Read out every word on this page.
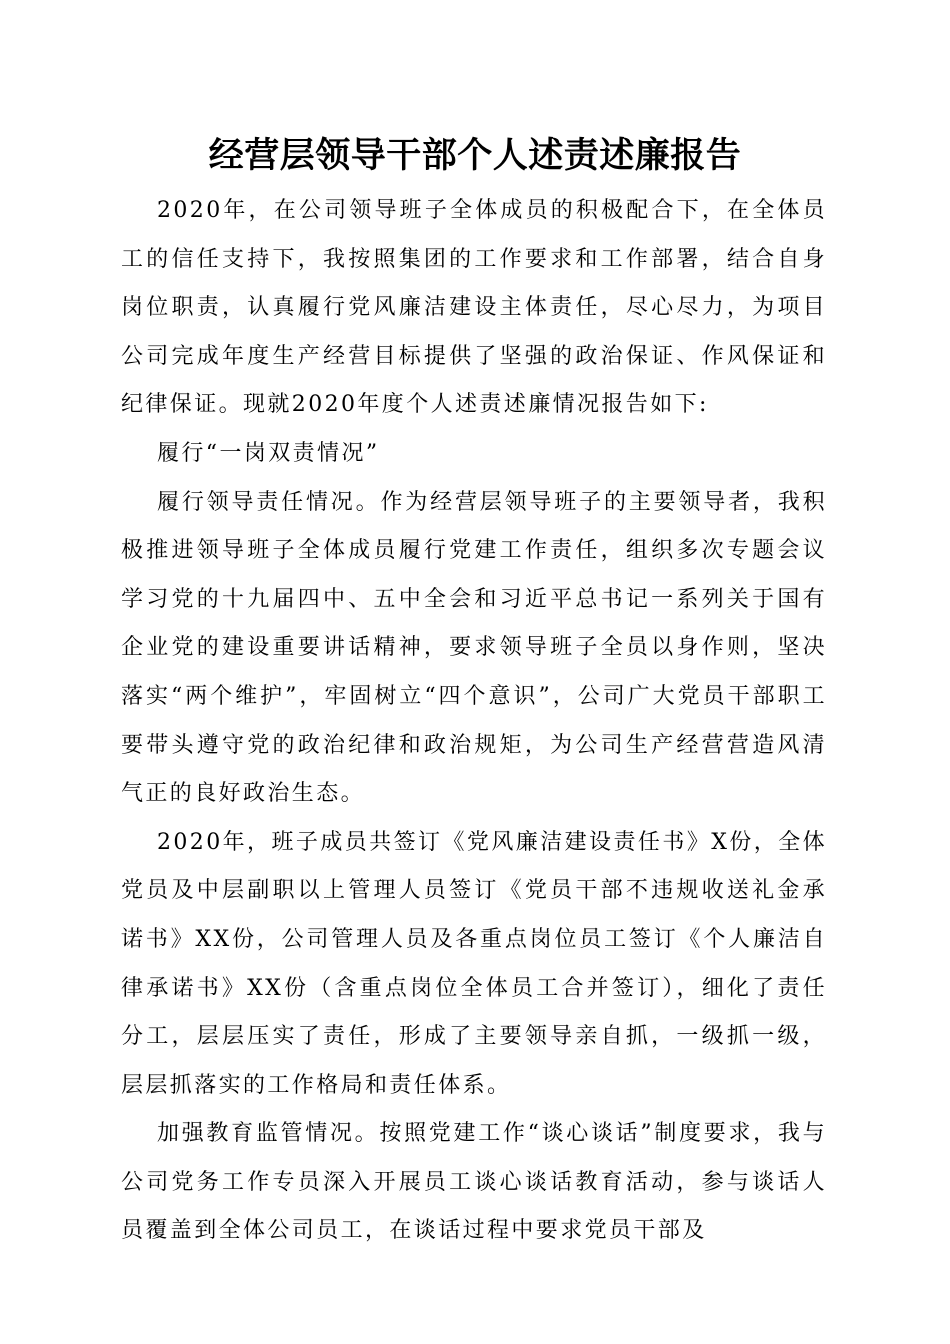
经营层领导干部个人述责述廉报告

2020年，在公司领导班子全体成员的积极配合下，在全体员工的信任支持下，我按照集团的工作要求和工作部署，结合自身岗位职责，认真履行党风廉洁建设主体责任，尽心尽力，为项目公司完成年度生产经营目标提供了坚强的政治保证、作风保证和纪律保证。现就2020年度个人述责述廉情况报告如下:

履行“一岗双责情况”

履行领导责任情况。作为经营层领导班子的主要领导者，我积极推进领导班子全体成员履行党建工作责任，组织多次专题会议学习党的十九届四中、五中全会和习近平总书记一系列关于国有企业党的建设重要讲话精神，要求领导班子全员以身作则，坚决落实“两个维护”，牢固树立“四个意识”，公司广大党员干部职工要带头遵守党的政治纪律和政治规矩，为公司生产经营营造风清气正的良好政治生态。

2020年，班子成员共签订《党风廉洁建设责任书》X份，全体党员及中层副职以上管理人员签订《党员干部不违规收送礼金承诺书》XX份，公司管理人员及各重点岗位员工签订《个人廉洁自律承诺书》XX份（含重点岗位全体员工合并签订），细化了责任分工，层层压实了责任，形成了主要领导亲自抓，一级抓一级，层层抓落实的工作格局和责任体系。

加强教育监管情况。按照党建工作“谈心谈话”制度要求，我与公司党务工作专员深入开展员工谈心谈话教育活动，参与谈话人员覆盖到全体公司员工，在谈话过程中要求党员干部及
